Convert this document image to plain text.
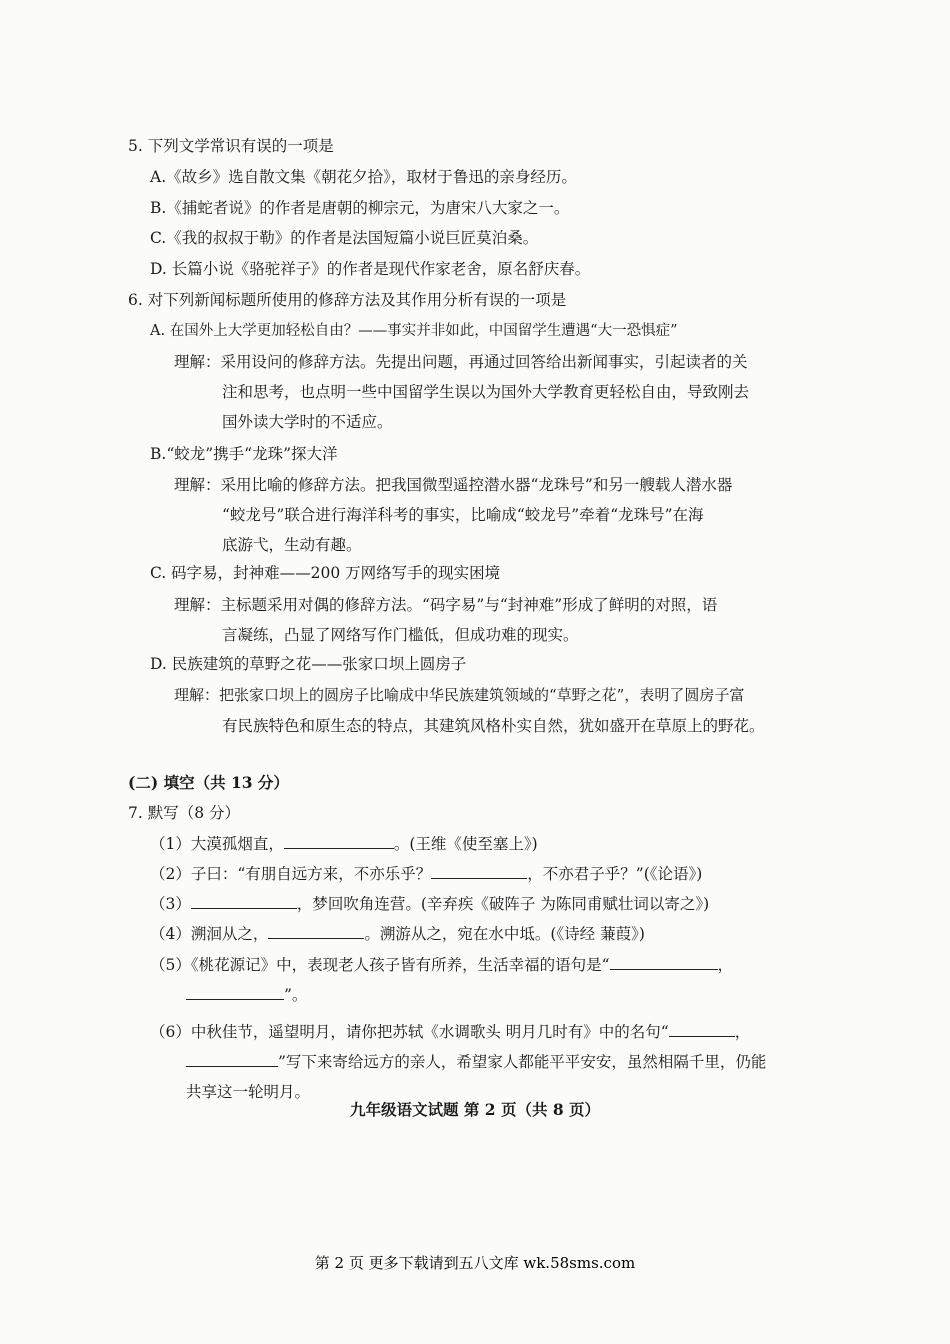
5. 下列文学常识有误的一项是
A.《故乡》选自散文集《朝花夕拾》，取材于鲁迅的亲身经历。
B.《捕蛇者说》的作者是唐朝的柳宗元，为唐宋八大家之一。
C.《我的叔叔于勒》的作者是法国短篇小说巨匠莫泊桑。
D. 长篇小说《骆驼祥子》的作者是现代作家老舍，原名舒庆春。
6. 对下列新闻标题所使用的修辞方法及其作用分析有误的一项是
A. 在国外上大学更加轻松自由？——事实并非如此，中国留学生遭遇“大一恐惧症”
理解：采用设问的修辞方法。先提出问题，再通过回答给出新闻事实，引起读者的关
注和思考，也点明一些中国留学生误以为国外大学教育更轻松自由，导致刚去
国外读大学时的不适应。
B.“蛟龙”携手“龙珠”探大洋
理解：采用比喻的修辞方法。把我国微型遥控潜水器“龙珠号”和另一艘载人潜水器
“蛟龙号”联合进行海洋科考的事实，比喻成“蛟龙号”牵着“龙珠号”在海
底游弋，生动有趣。
C. 码字易，封神难——200 万网络写手的现实困境
理解：主标题采用对偶的修辞方法。“码字易”与“封神难”形成了鲜明的对照，语
言凝练，凸显了网络写作门槛低，但成功难的现实。
D. 民族建筑的草野之花——张家口坝上圆房子
理解：把张家口坝上的圆房子比喻成中华民族建筑领域的“草野之花”，表明了圆房子富
有民族特色和原生态的特点，其建筑风格朴实自然，犹如盛开在草原上的野花。
(二) 填空（共 13 分）
7. 默写（8 分）
（1）大漠孤烟直，	。(王维《使至塞上》)
（2）子曰：“有朋自远方来，不亦乐乎？	，不亦君子乎？”(《论语》)
（3）	，梦回吹角连营。(辛弃疾《破阵子 为陈同甫赋壮词以寄之》)
（4）溯洄从之，	。溯游从之，宛在水中坻。(《诗经 蒹葭》)
（5）《桃花源记》中，表现老人孩子皆有所养，生活幸福的语句是“	，
”。
（6）中秋佳节，遥望明月，请你把苏轼《水调歌头 明月几时有》中的名句“	，
”写下来寄给远方的亲人，希望家人都能平平安安，虽然相隔千里，仍能
共享这一轮明月。
九年级语文试题 第 2 页（共 8 页）
第 2 页 更多下载请到五八文库 wk.58sms.com
